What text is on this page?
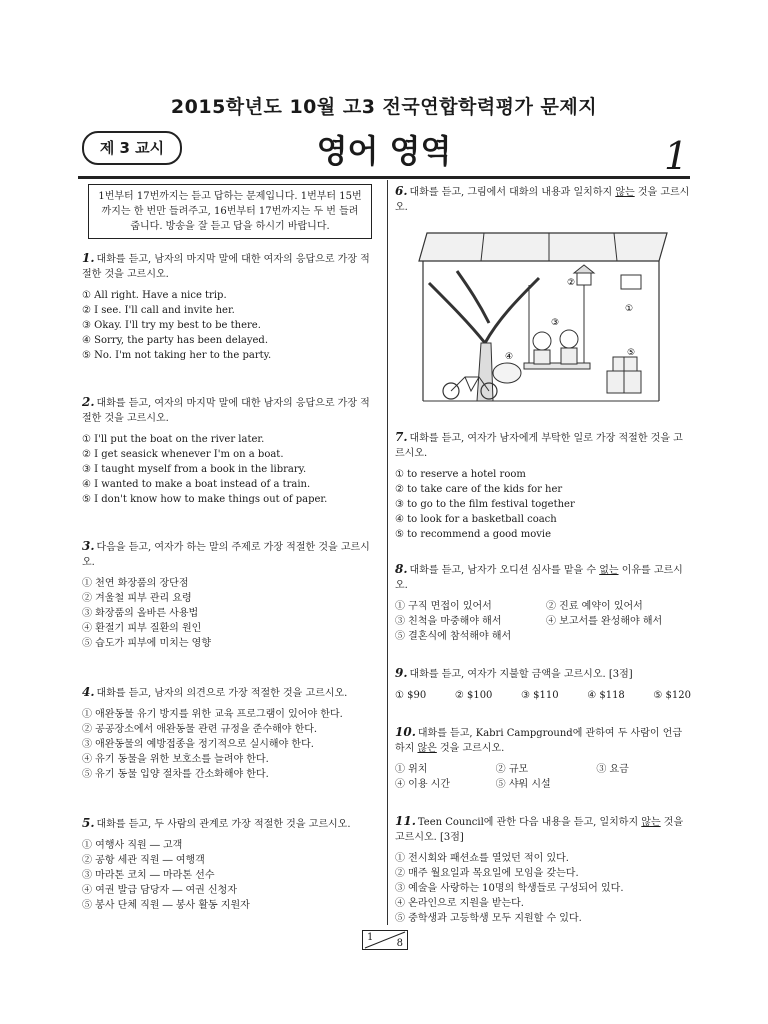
2015학년도 10월 고3 전국연합학력평가 문제지
제 3 교시	영어 영역	1
1번부터 17번까지는 듣고 답하는 문제입니다. 1번부터 15번까지는 한 번만 들려주고, 16번부터 17번까지는 두 번 들려줍니다. 방송을 잘 듣고 답을 하시기 바랍니다.

1. 대화를 듣고, 남자의 마지막 말에 대한 여자의 응답으로 가장 적절한 것을 고르시오.

① All right. Have a nice trip.
② I see. I'll call and invite her.
③ Okay. I'll try my best to be there.
④ Sorry, the party has been delayed.
⑤ No. I'm not taking her to the party.

2. 대화를 듣고, 여자의 마지막 말에 대한 남자의 응답으로 가장 적절한 것을 고르시오.

① I'll put the boat on the river later.
② I get seasick whenever I'm on a boat.
③ I taught myself from a book in the library.
④ I wanted to make a boat instead of a train.
⑤ I don't know how to make things out of paper.

3. 다음을 듣고, 여자가 하는 말의 주제로 가장 적절한 것을 고르시오.

① 천연 화장품의 장단점
② 겨울철 피부 관리 요령
③ 화장품의 올바른 사용법
④ 환절기 피부 질환의 원인
⑤ 습도가 피부에 미치는 영향

4. 대화를 듣고, 남자의 의견으로 가장 적절한 것을 고르시오.

① 애완동물 유기 방지를 위한 교육 프로그램이 있어야 한다.
② 공공장소에서 애완동물 관련 규정을 준수해야 한다.
③ 애완동물의 예방접종을 정기적으로 실시해야 한다.
④ 유기 동물을 위한 보호소를 늘려야 한다.
⑤ 유기 동물 입양 절차를 간소화해야 한다.

5. 대화를 듣고, 두 사람의 관계로 가장 적절한 것을 고르시오.

① 여행사 직원 ― 고객
② 공항 세관 직원 ― 여행객
③ 마라톤 코치 ― 마라톤 선수
④ 여권 발급 담당자 ― 여권 신청자
⑤ 봉사 단체 직원 ― 봉사 활동 지원자

6. 대화를 듣고, 그림에서 대화의 내용과 일치하지 않는 것을 고르시오.

②
①
③
④	⑤

7. 대화를 듣고, 여자가 남자에게 부탁한 일로 가장 적절한 것을 고르시오.

① to reserve a hotel room
② to take care of the kids for her
③ to go to the film festival together
④ to look for a basketball coach
⑤ to recommend a good movie

8. 대화를 듣고, 남자가 오디션 심사를 맡을 수 없는 이유를 고르시오.

① 구직 면접이 있어서	② 진료 예약이 있어서
③ 친척을 마중해야 해서	④ 보고서를 완성해야 해서
⑤ 결혼식에 참석해야 해서

9. 대화를 듣고, 여자가 지불할 금액을 고르시오. [3점]

① $90	② $100	③ $110	④ $118	⑤ $120

10. 대화를 듣고, Kabri Campground에 관하여 두 사람이 언급하지 않은 것을 고르시오.

① 위치	② 규모	③ 요금
④ 이용 시간	⑤ 샤워 시설

11. Teen Council에 관한 다음 내용을 듣고, 일치하지 않는 것을 고르시오. [3점]

① 전시회와 패션쇼를 열었던 적이 있다.
② 매주 월요일과 목요일에 모임을 갖는다.
③ 예술을 사랑하는 10명의 학생들로 구성되어 있다.
④ 온라인으로 지원을 받는다.
⑤ 중학생과 고등학생 모두 지원할 수 있다.
1
8
